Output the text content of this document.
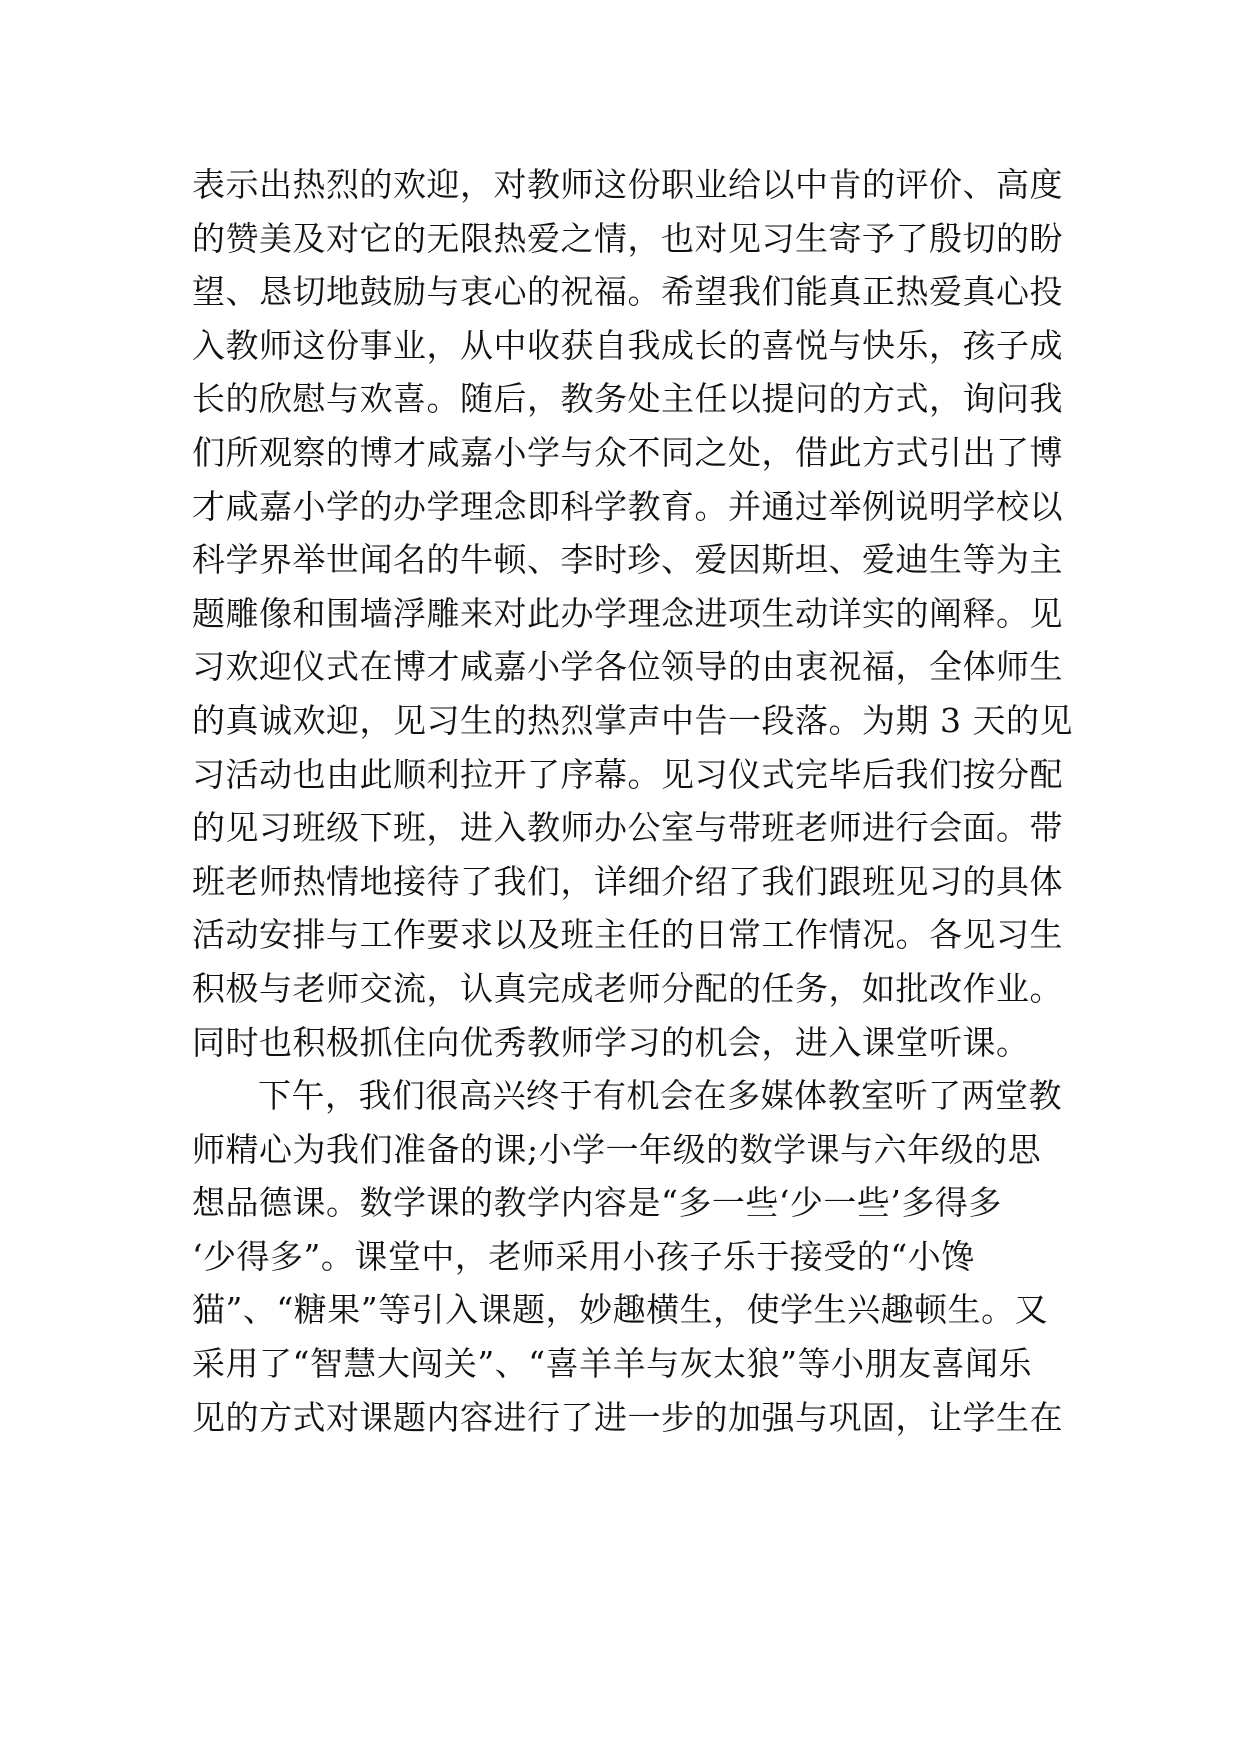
表示出热烈的欢迎，对教师这份职业给以中肯的评价、高度
的赞美及对它的无限热爱之情，也对见习生寄予了殷切的盼
望、恳切地鼓励与衷心的祝福。希望我们能真正热爱真心投
入教师这份事业，从中收获自我成长的喜悦与快乐，孩子成
长的欣慰与欢喜。随后，教务处主任以提问的方式，询问我
们所观察的博才咸嘉小学与众不同之处，借此方式引出了博
才咸嘉小学的办学理念即科学教育。并通过举例说明学校以
科学界举世闻名的牛顿、李时珍、爱因斯坦、爱迪生等为主
题雕像和围墙浮雕来对此办学理念进项生动详实的阐释。见
习欢迎仪式在博才咸嘉小学各位领导的由衷祝福，全体师生
的真诚欢迎，见习生的热烈掌声中告一段落。为期 3 天的见
习活动也由此顺利拉开了序幕。见习仪式完毕后我们按分配
的见习班级下班，进入教师办公室与带班老师进行会面。带
班老师热情地接待了我们，详细介绍了我们跟班见习的具体
活动安排与工作要求以及班主任的日常工作情况。各见习生
积极与老师交流，认真完成老师分配的任务，如批改作业。
同时也积极抓住向优秀教师学习的机会，进入课堂听课。
下午，我们很高兴终于有机会在多媒体教室听了两堂教
师精心为我们准备的课;小学一年级的数学课与六年级的思
想品德课。数学课的教学内容是“多一些‘少一些’多得多
‘少得多”。课堂中，老师采用小孩子乐于接受的“小馋
猫”、“糖果”等引入课题，妙趣横生，使学生兴趣顿生。又
采用了“智慧大闯关”、“喜羊羊与灰太狼”等小朋友喜闻乐
见的方式对课题内容进行了进一步的加强与巩固，让学生在
